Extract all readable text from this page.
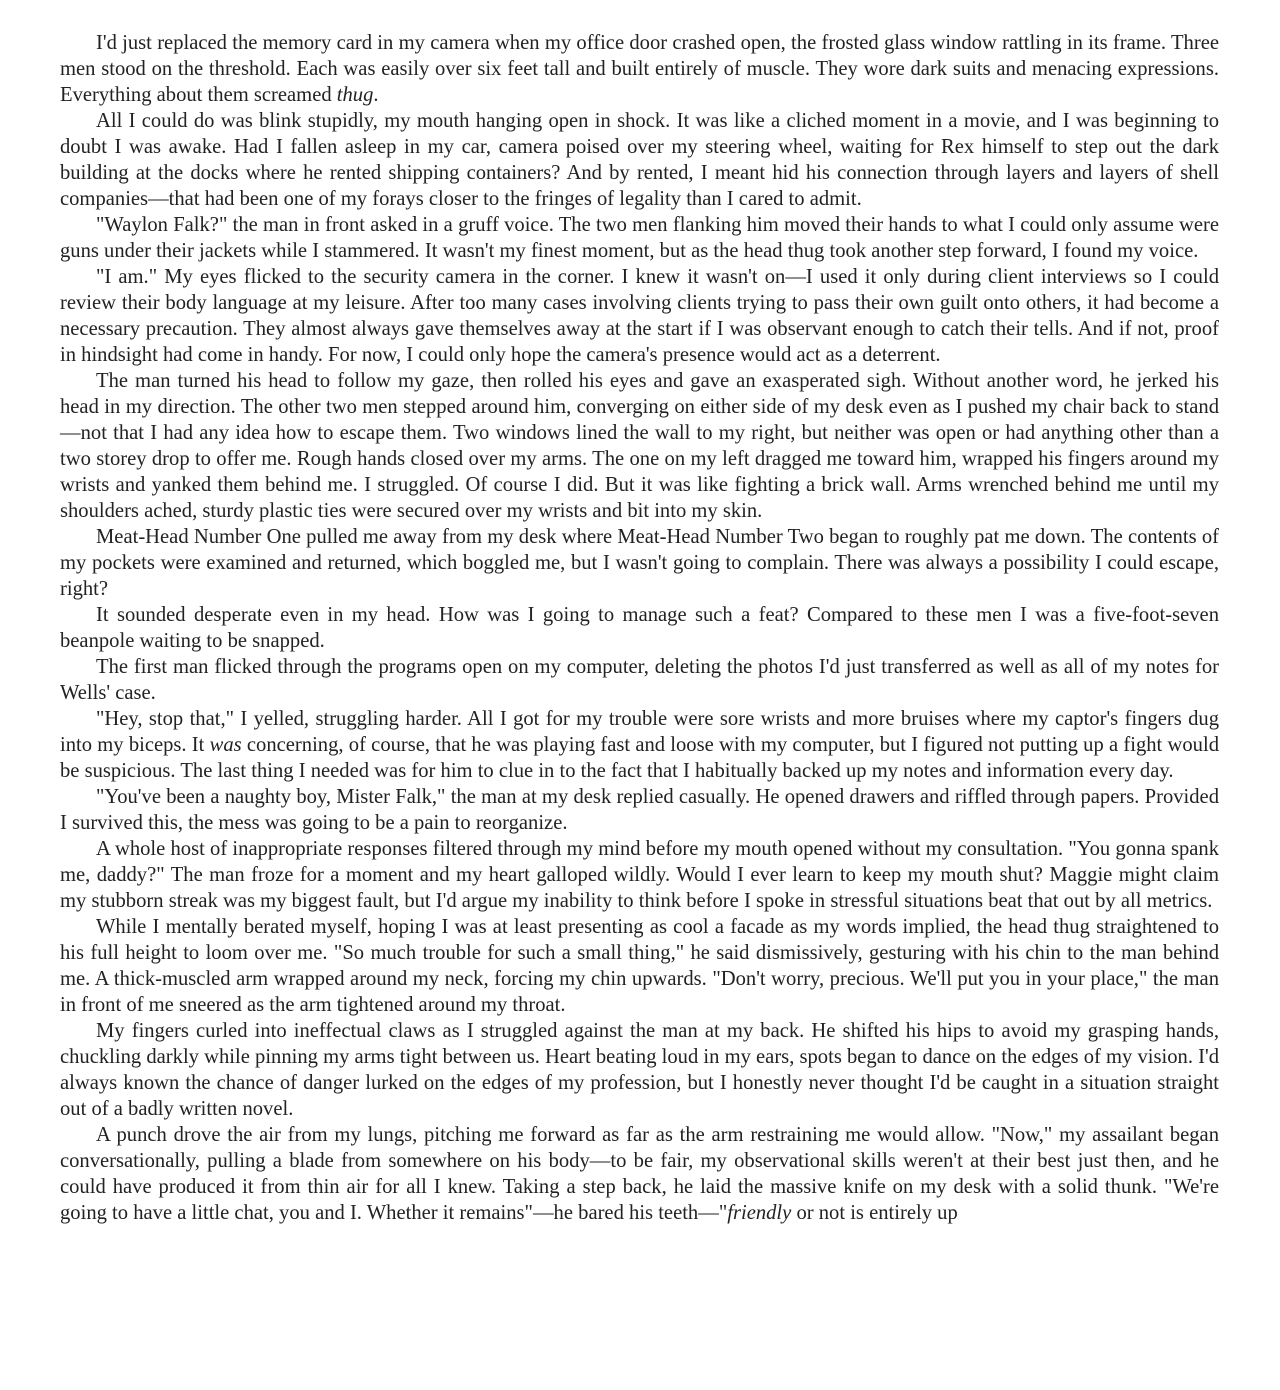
I'd just replaced the memory card in my camera when my office door crashed open, the frosted glass window rattling in its frame. Three men stood on the threshold. Each was easily over six feet tall and built entirely of muscle. They wore dark suits and menacing expressions. Everything about them screamed thug.

All I could do was blink stupidly, my mouth hanging open in shock. It was like a cliched moment in a movie, and I was beginning to doubt I was awake. Had I fallen asleep in my car, camera poised over my steering wheel, waiting for Rex himself to step out the dark building at the docks where he rented shipping containers? And by rented, I meant hid his connection through layers and layers of shell companies—that had been one of my forays closer to the fringes of legality than I cared to admit.

"Waylon Falk?" the man in front asked in a gruff voice. The two men flanking him moved their hands to what I could only assume were guns under their jackets while I stammered. It wasn't my finest moment, but as the head thug took another step forward, I found my voice.

"I am." My eyes flicked to the security camera in the corner. I knew it wasn't on—I used it only during client interviews so I could review their body language at my leisure. After too many cases involving clients trying to pass their own guilt onto others, it had become a necessary precaution. They almost always gave themselves away at the start if I was observant enough to catch their tells. And if not, proof in hindsight had come in handy. For now, I could only hope the camera's presence would act as a deterrent.

The man turned his head to follow my gaze, then rolled his eyes and gave an exasperated sigh. Without another word, he jerked his head in my direction. The other two men stepped around him, converging on either side of my desk even as I pushed my chair back to stand—not that I had any idea how to escape them. Two windows lined the wall to my right, but neither was open or had anything other than a two storey drop to offer me. Rough hands closed over my arms. The one on my left dragged me toward him, wrapped his fingers around my wrists and yanked them behind me. I struggled. Of course I did. But it was like fighting a brick wall. Arms wrenched behind me until my shoulders ached, sturdy plastic ties were secured over my wrists and bit into my skin.

Meat-Head Number One pulled me away from my desk where Meat-Head Number Two began to roughly pat me down. The contents of my pockets were examined and returned, which boggled me, but I wasn't going to complain. There was always a possibility I could escape, right?

It sounded desperate even in my head. How was I going to manage such a feat? Compared to these men I was a five-foot-seven beanpole waiting to be snapped.

The first man flicked through the programs open on my computer, deleting the photos I'd just transferred as well as all of my notes for Wells' case.

"Hey, stop that," I yelled, struggling harder. All I got for my trouble were sore wrists and more bruises where my captor's fingers dug into my biceps. It was concerning, of course, that he was playing fast and loose with my computer, but I figured not putting up a fight would be suspicious. The last thing I needed was for him to clue in to the fact that I habitually backed up my notes and information every day.

"You've been a naughty boy, Mister Falk," the man at my desk replied casually. He opened drawers and riffled through papers. Provided I survived this, the mess was going to be a pain to reorganize.

A whole host of inappropriate responses filtered through my mind before my mouth opened without my consultation. "You gonna spank me, daddy?" The man froze for a moment and my heart galloped wildly. Would I ever learn to keep my mouth shut? Maggie might claim my stubborn streak was my biggest fault, but I'd argue my inability to think before I spoke in stressful situations beat that out by all metrics.

While I mentally berated myself, hoping I was at least presenting as cool a facade as my words implied, the head thug straightened to his full height to loom over me. "So much trouble for such a small thing," he said dismissively, gesturing with his chin to the man behind me. A thick-muscled arm wrapped around my neck, forcing my chin upwards. "Don't worry, precious. We'll put you in your place," the man in front of me sneered as the arm tightened around my throat.

My fingers curled into ineffectual claws as I struggled against the man at my back. He shifted his hips to avoid my grasping hands, chuckling darkly while pinning my arms tight between us. Heart beating loud in my ears, spots began to dance on the edges of my vision. I'd always known the chance of danger lurked on the edges of my profession, but I honestly never thought I'd be caught in a situation straight out of a badly written novel.

A punch drove the air from my lungs, pitching me forward as far as the arm restraining me would allow. "Now," my assailant began conversationally, pulling a blade from somewhere on his body—to be fair, my observational skills weren't at their best just then, and he could have produced it from thin air for all I knew. Taking a step back, he laid the massive knife on my desk with a solid thunk. "We're going to have a little chat, you and I. Whether it remains"—he bared his teeth—"friendly or not is entirely up
